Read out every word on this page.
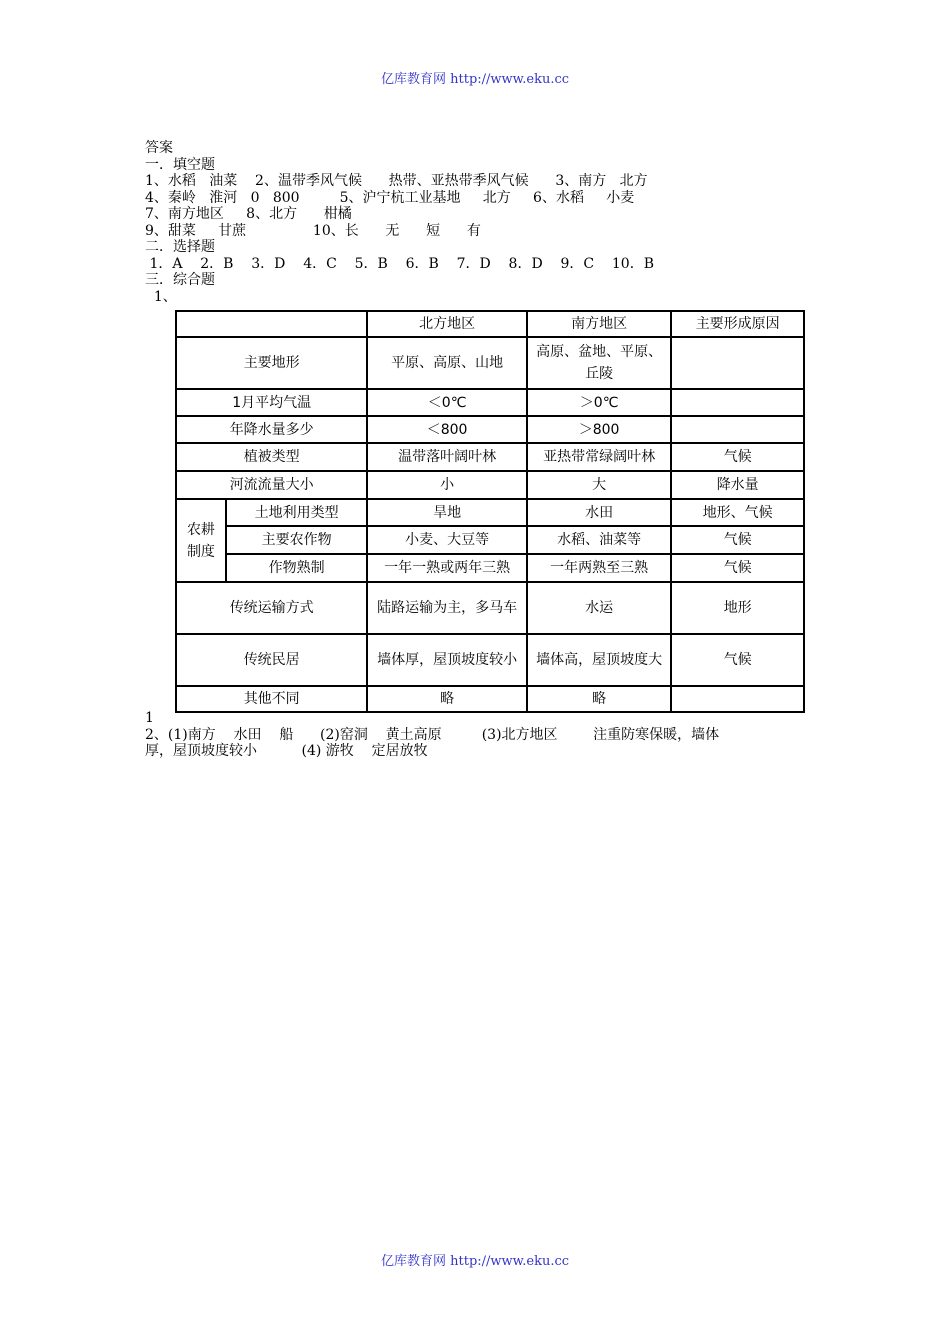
亿库教育网 http://www.eku.cc
答案
一．填空题
1、水稻   油菜    2、温带季风气候      热带、亚热带季风气候      3、南方   北方
4、秦岭   淮河   0   800         5、沪宁杭工业基地     北方     6、水稻     小麦
7、南方地区     8、北方      柑橘
9、甜菜     甘蔗               10、长      无      短      有
二．选择题
1．A    2．B    3．D    4．C    5．B    6．B    7．D    8．D    9．C    10．B
三．综合题
1、
		北方地区	南方地区	主要形成原因
主要地形		平原、高原、山地	高原、盆地、平原、丘陵	
1月平均气温		＜0℃	＞0℃	
年降水量多少		＜800	＞800	
植被类型		温带落叶阔叶林	亚热带常绿阔叶林	气候
河流流量大小		小	大	降水量
农耕制度	土地利用类型	旱地	水田	地形、气候
	主要农作物	小麦、大豆等	水稻、油菜等	气候
	作物熟制	一年一熟或两年三熟	一年两熟至三熟	气候
传统运输方式		陆路运输为主，多马车	水运	地形
传统民居		墙体厚，屋顶坡度较小	墙体高，屋顶坡度大	气候
其他不同		略	略	
1
2、(1)南方    水田    船      (2)窑洞    黄土高原         (3)北方地区        注重防寒保暖，墙体
厚，屋顶坡度较小          (4) 游牧    定居放牧
亿库教育网 http://www.eku.cc
